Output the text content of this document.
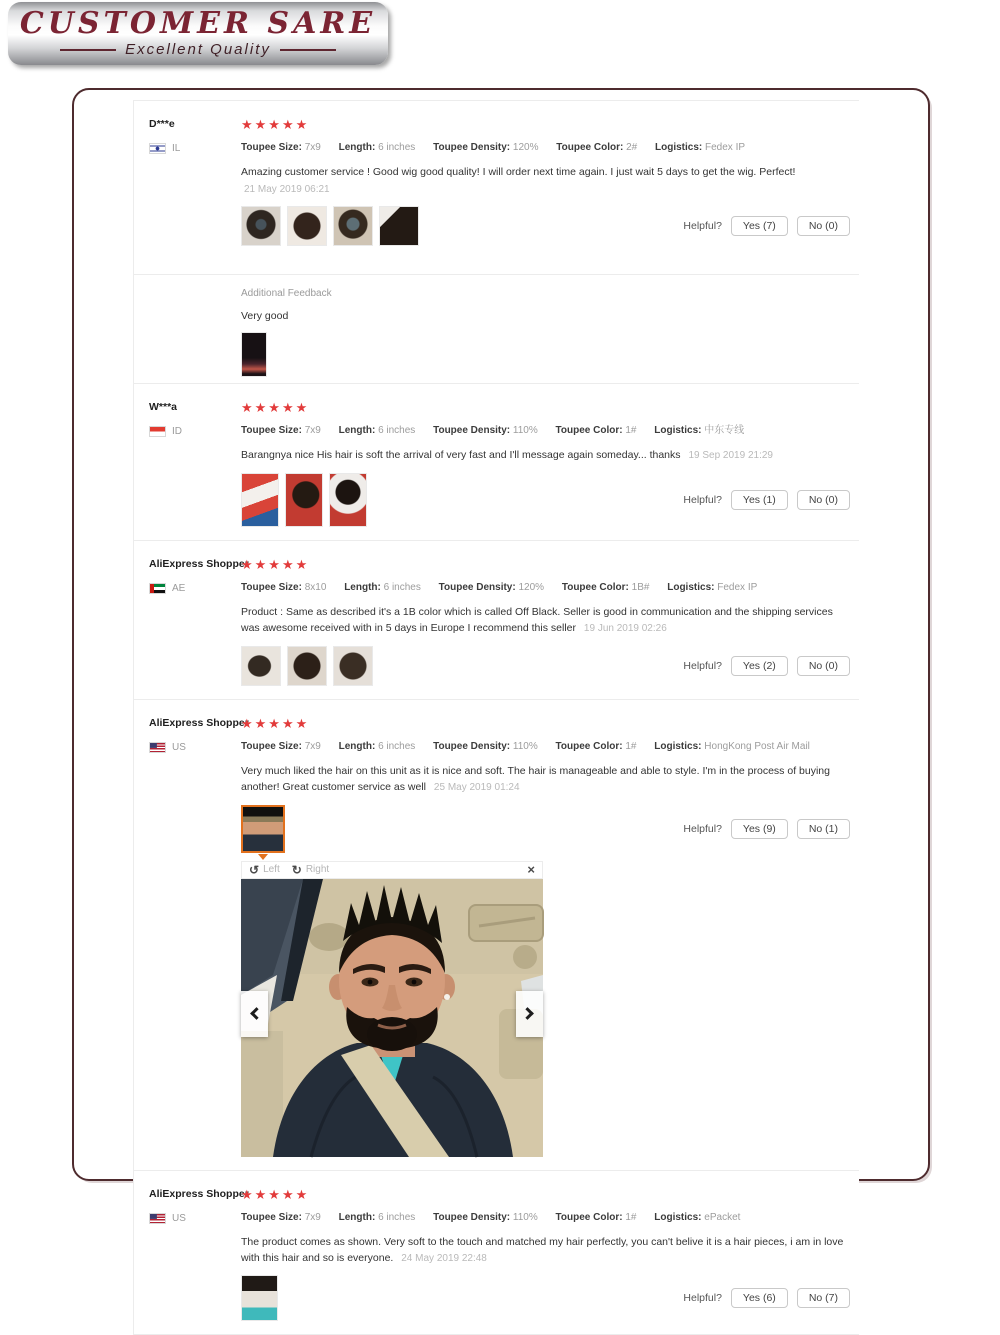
CUSTOMER SARE
Excellent Quality
D***e
IL
★★★★★
Toupee Size: 7x9 Length: 6 inches Toupee Density: 120% Toupee Color: 2# Logistics: Fedex IP
Amazing customer service ! Good wig good quality! I will order next time again. I just wait 5 days to get the wig. Perfect!
21 May 2019 06:21
Helpful?	Yes (7)	No (0)
Additional Feedback
Very good
W***a
ID
★★★★★
Toupee Size: 7x9 Length: 6 inches Toupee Density: 110% Toupee Color: 1# Logistics: 中东专线
Barangnya nice His hair is soft the arrival of very fast and I'll message again someday... thanks 19 Sep 2019 21:29
Helpful?	Yes (1)	No (0)
AliExpress Shopper
AE
★★★★★
Toupee Size: 8x10 Length: 6 inches Toupee Density: 120% Toupee Color: 1B# Logistics: Fedex IP
Product : Same as described it's a 1B color which is called Off Black. Seller is good in communication and the shipping services was awesome received with in 5 days in Europe I recommend this seller 19 Jun 2019 02:26
Helpful?	Yes (2)	No (0)
AliExpress Shopper
US
★★★★★
Toupee Size: 7x9 Length: 6 inches Toupee Density: 110% Toupee Color: 1# Logistics: HongKong Post Air Mail
Very much liked the hair on this unit as it is nice and soft. The hair is manageable and able to style. I'm in the process of buying another! Great customer service as well 25 May 2019 01:24
Helpful?	Yes (9)	No (1)
↺ Left ↻ Right	×
AliExpress Shopper
US
★★★★★
Toupee Size: 7x9 Length: 6 inches Toupee Density: 110% Toupee Color: 1# Logistics: ePacket
The product comes as shown. Very soft to the touch and matched my hair perfectly, you can't belive it is a hair pieces, i am in love with this hair and so is everyone. 24 May 2019 22:48
Helpful?	Yes (6)	No (7)
